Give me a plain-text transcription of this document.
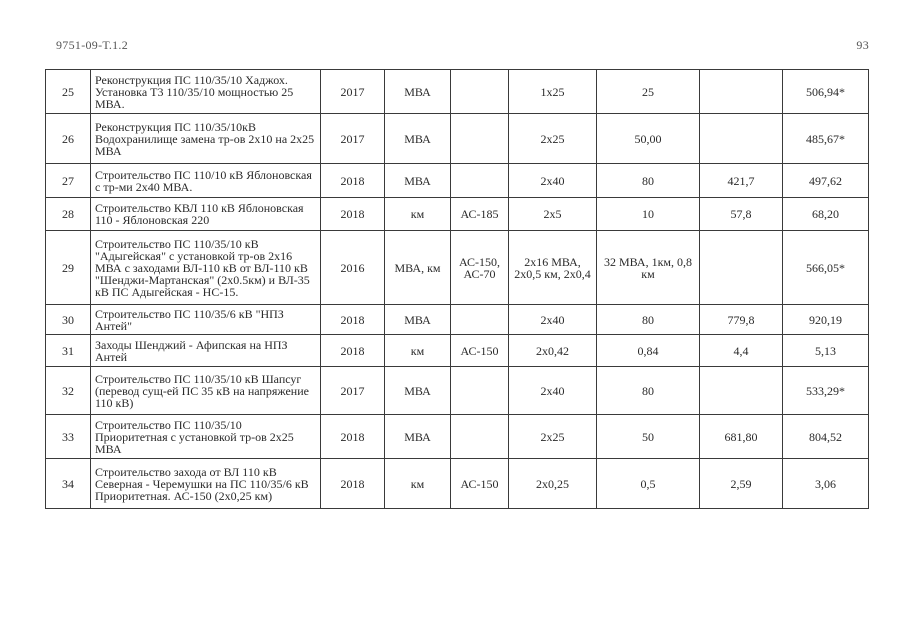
9751-09-Т.1.2	93
25	Реконструкция ПС 110/35/10 Хаджох. Установка Т3 110/35/10 мощностью 25 МВА.	2017	МВА		1х25	25		506,94*
26	Реконструкция ПС 110/35/10кВ Водохранилище замена тр-ов 2х10 на 2х25 МВА	2017	МВА		2х25	50,00		485,67*
27	Строительство ПС 110/10 кВ Яблоновская с тр-ми 2х40 МВА.	2018	МВА		2х40	80	421,7	497,62
28	Строительство КВЛ 110 кВ Яблоновская 110 - Яблоновская 220	2018	км	АС-185	2х5	10	57,8	68,20
29	Строительство ПС 110/35/10 кВ "Адыгейская" с установкой тр-ов 2х16 МВА с заходами ВЛ-110 кВ от ВЛ-110 кВ "Шенджи-Мартанская" (2х0.5км) и ВЛ-35 кВ ПС Адыгейская - НС-15.	2016	МВА, км	АС-150, АС-70	2х16 МВА, 2х0,5 км, 2х0,4	32 МВА, 1км, 0,8 км		566,05*
30	Строительство ПС 110/35/6 кВ "НПЗ Антей"	2018	МВА		2х40	80	779,8	920,19
31	Заходы Шенджий - Афипская на НПЗ Антей	2018	км	АС-150	2х0,42	0,84	4,4	5,13
32	Строительство ПС 110/35/10 кВ Шапсуг (перевод сущ-ей ПС 35 кВ на напряжение 110 кВ)	2017	МВА		2х40	80		533,29*
33	Строительство ПС 110/35/10 Приоритетная с установкой тр-ов 2х25 МВА	2018	МВА		2х25	50	681,80	804,52
34	Строительство захода от ВЛ 110 кВ Северная - Черемушки на ПС 110/35/6 кВ Приоритетная. АС-150 (2х0,25 км)	2018	км	АС-150	2х0,25	0,5	2,59	3,06
